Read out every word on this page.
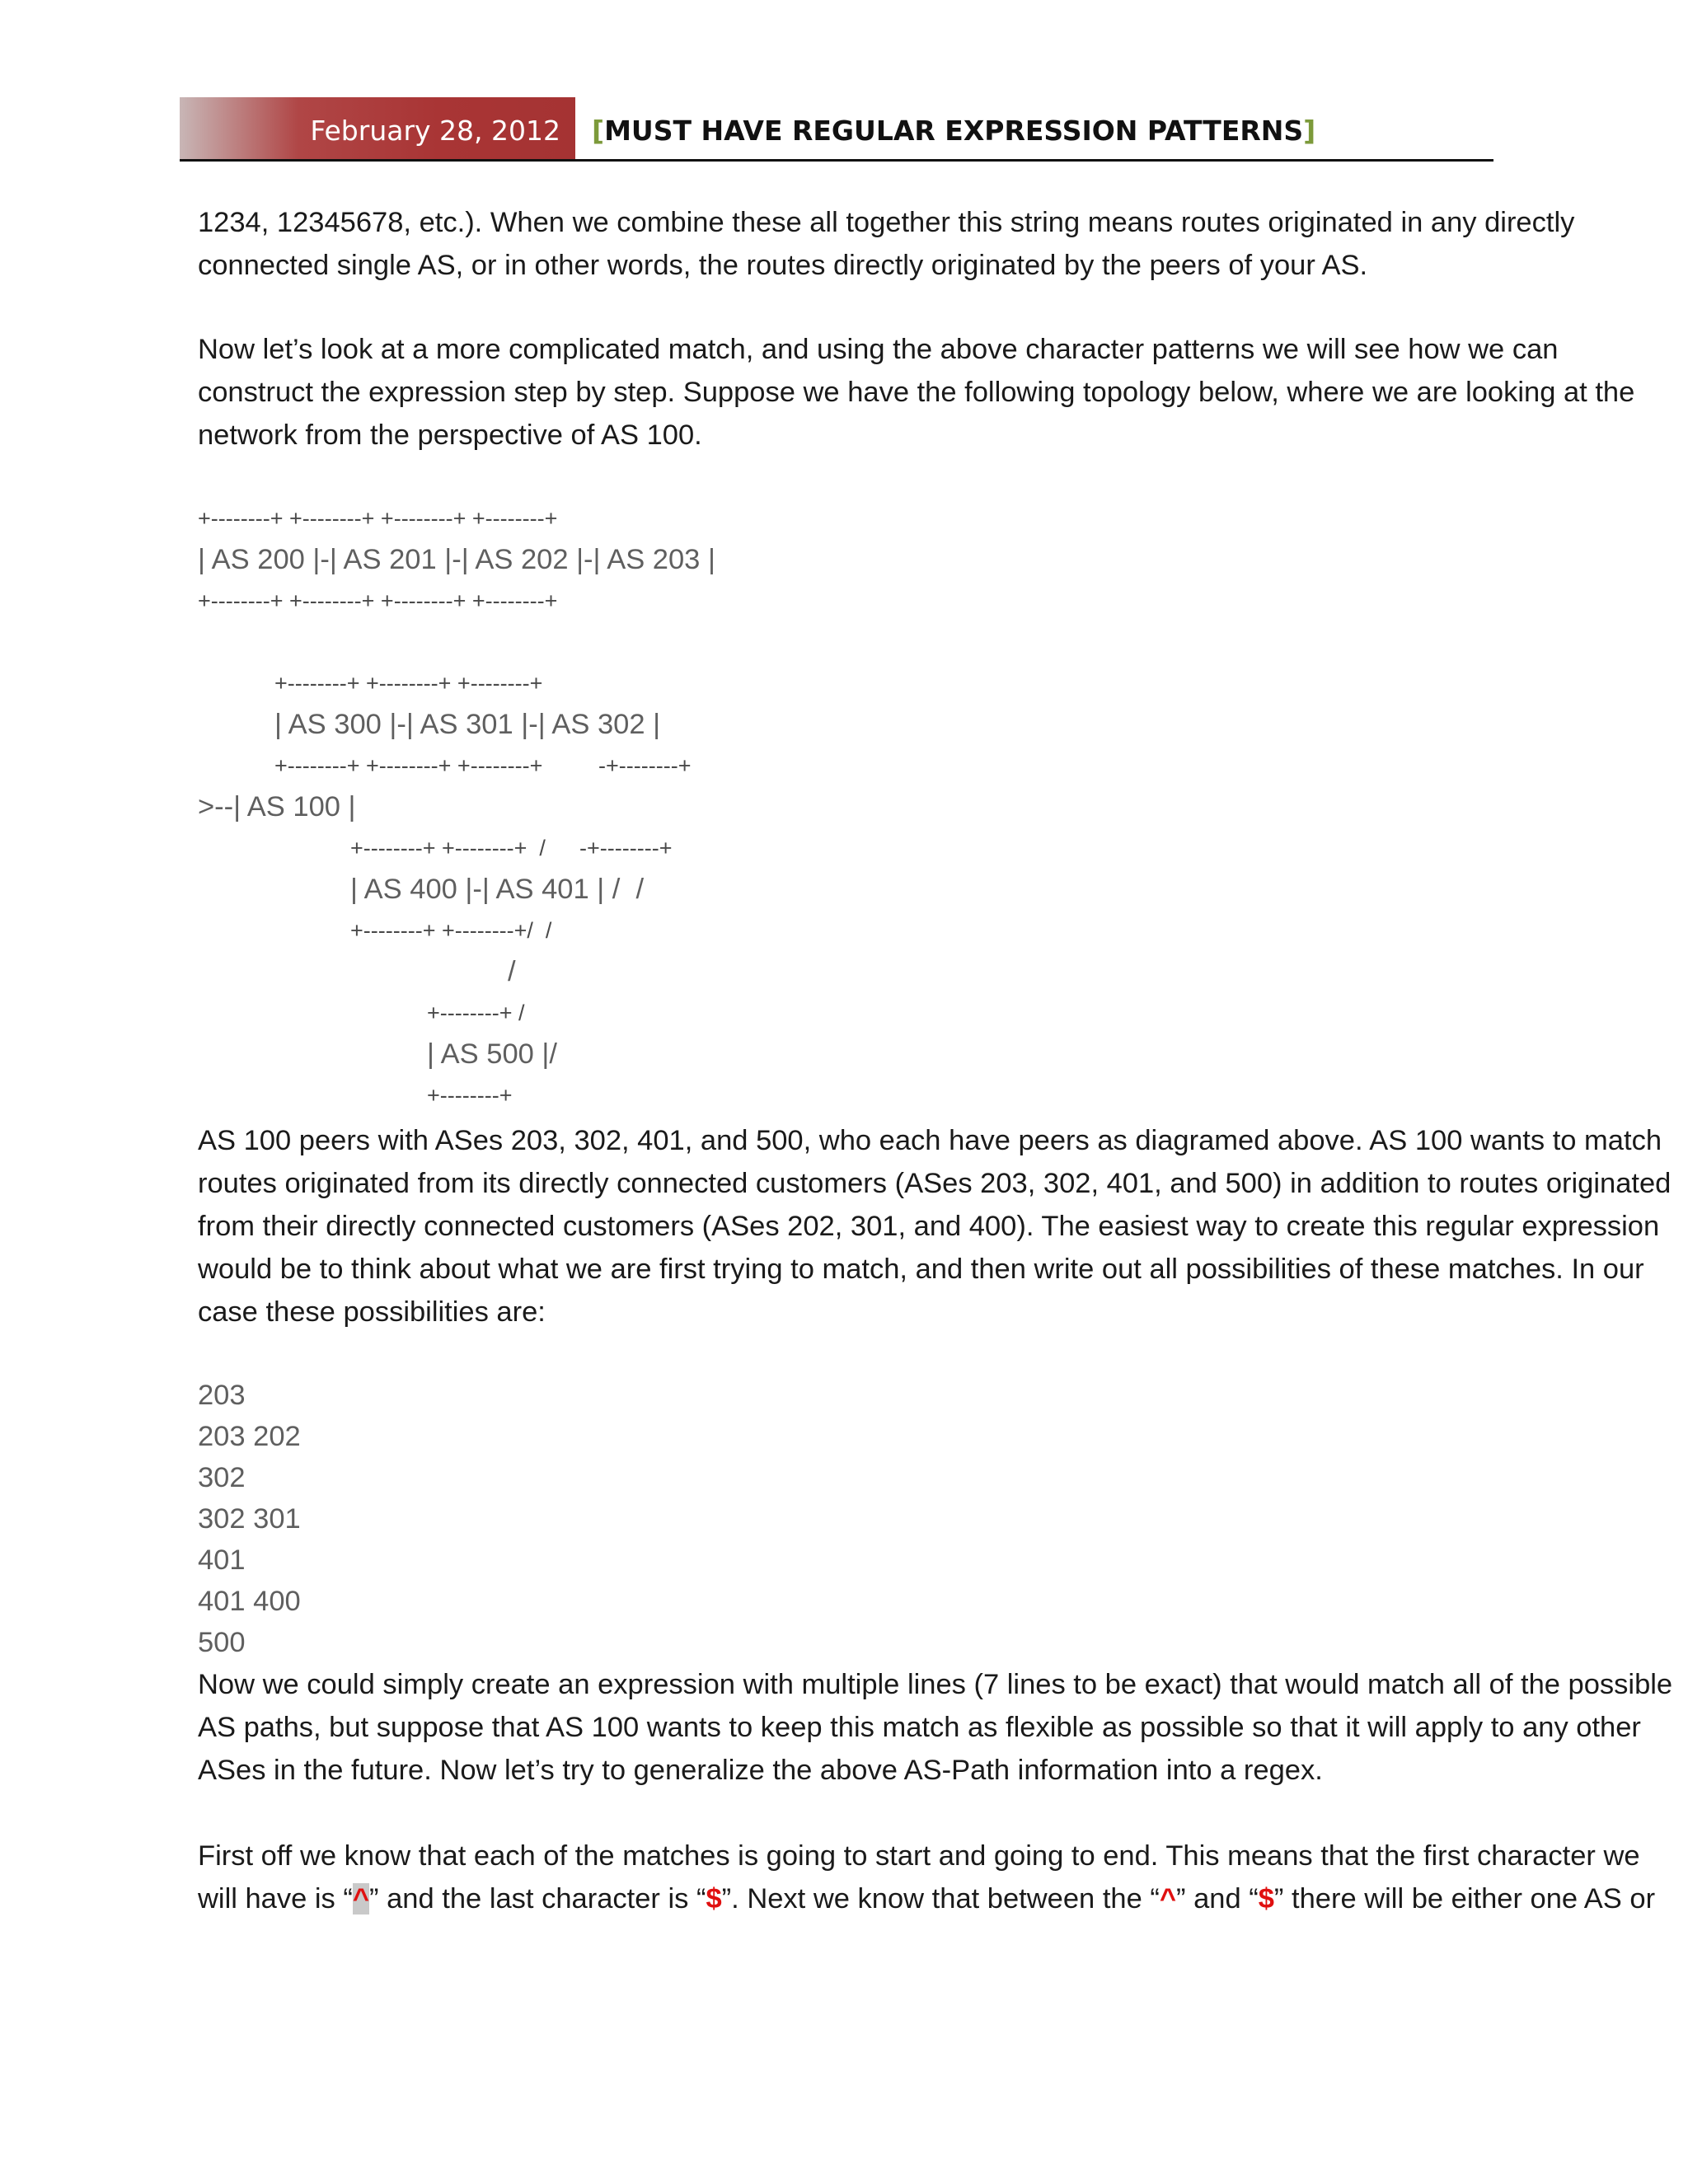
February 28, 2012	[MUST HAVE REGULAR EXPRESSION PATTERNS]
1234, 12345678, etc.). When we combine these all together this string means routes originated in any directly
connected single AS, or in other words, the routes directly originated by the peers of your AS.
Now let’s look at a more complicated match, and using the above character patterns we will see how we can
construct the expression step by step. Suppose we have the following topology below, where we are looking at the
network from the perspective of AS 100.
+--------+ +--------+ +--------+ +--------+
| AS 200 |-| AS 201 |-| AS 202 |-| AS 203 |
+--------+ +--------+ +--------+ +--------+
+--------+ +--------+ +--------+
| AS 300 |-| AS 301 |-| AS 302 |
+--------+ +--------+ +--------+	-+--------+
>--| AS 100 |
+--------+ +--------+  / -+--------+
| AS 400 |-| AS 401 | /  /
+--------+ +--------+/  /
/
+--------+ /
| AS 500 |/
+--------+
AS 100 peers with ASes 203, 302, 401, and 500, who each have peers as diagramed above. AS 100 wants to match
routes originated from its directly connected customers (ASes 203, 302, 401, and 500) in addition to routes originated
from their directly connected customers (ASes 202, 301, and 400). The easiest way to create this regular expression
would be to think about what we are first trying to match, and then write out all possibilities of these matches. In our
case these possibilities are:
203
203 202
302
302 301
401
401 400
500
Now we could simply create an expression with multiple lines (7 lines to be exact) that would match all of the possible
AS paths, but suppose that AS 100 wants to keep this match as flexible as possible so that it will apply to any other
ASes in the future. Now let’s try to generalize the above AS-Path information into a regex.
First off we know that each of the matches is going to start and going to end. This means that the first character we
will have is “^” and the last character is “$”. Next we know that between the “^” and “$” there will be either one AS or
